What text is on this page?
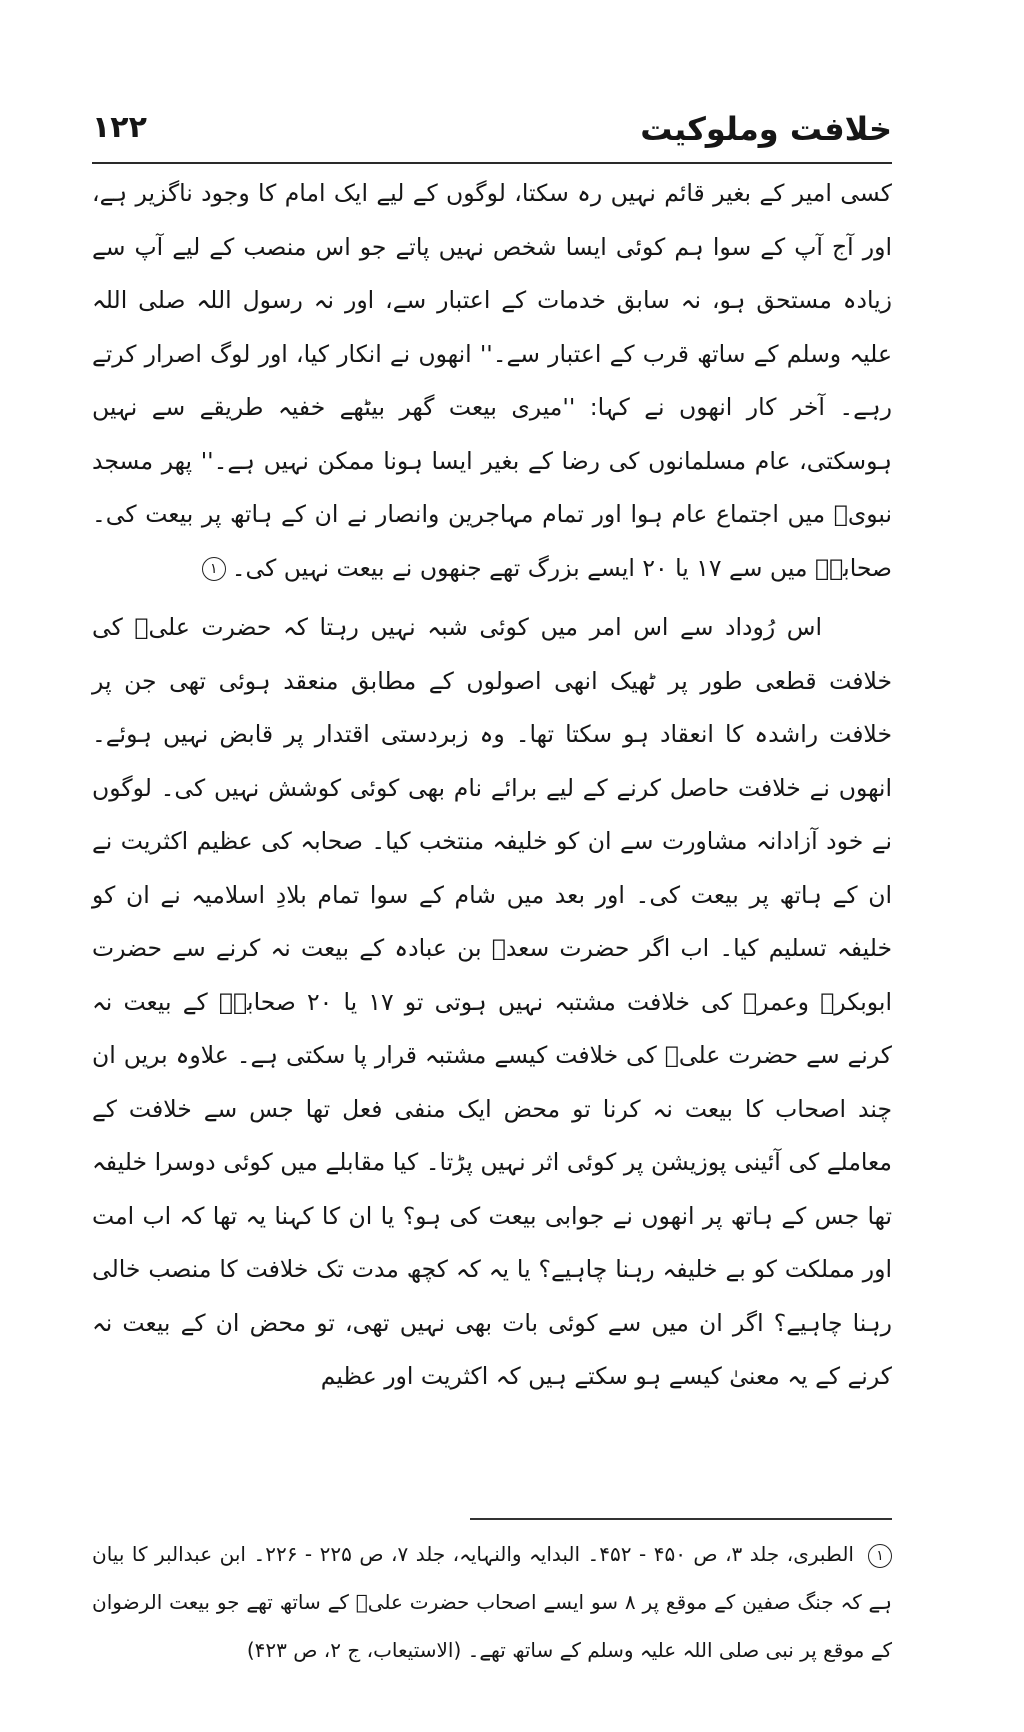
خلافت وملوکیت
۱۲۲

کسی امیر کے بغیر قائم نہیں رہ سکتا، لوگوں کے لیے ایک امام کا وجود ناگزیر ہے، اور آج آپ کے سوا ہم کوئی ایسا شخص نہیں پاتے جو اس منصب کے لیے آپ سے زیادہ مستحق ہو، نہ سابق خدمات کے اعتبار سے، اور نہ رسول اللہ صلی اللہ علیہ وسلم کے ساتھ قرب کے اعتبار سے۔'' انھوں نے انکار کیا، اور لوگ اصرار کرتے رہے۔ آخر کار انھوں نے کہا: ''میری بیعت گھر بیٹھے خفیہ طریقے سے نہیں ہوسکتی، عام مسلمانوں کی رضا کے بغیر ایسا ہونا ممکن نہیں ہے۔'' پھر مسجد نبویؐ میں اجتماع عام ہوا اور تمام مہاجرین وانصار نے ان کے ہاتھ پر بیعت کی۔ صحابہؓ میں سے ۱۷ یا ۲۰ ایسے بزرگ تھے جنھوں نے بیعت نہیں کی۔۱

اس رُوداد سے اس امر میں کوئی شبہ نہیں رہتا کہ حضرت علیؓ کی خلافت قطعی طور پر ٹھیک انھی اصولوں کے مطابق منعقد ہوئی تھی جن پر خلافت راشدہ کا انعقاد ہو سکتا تھا۔ وہ زبردستی اقتدار پر قابض نہیں ہوئے۔ انھوں نے خلافت حاصل کرنے کے لیے برائے نام بھی کوئی کوشش نہیں کی۔ لوگوں نے خود آزادانہ مشاورت سے ان کو خلیفہ منتخب کیا۔ صحابہ کی عظیم اکثریت نے ان کے ہاتھ پر بیعت کی۔ اور بعد میں شام کے سوا تمام بلادِ اسلامیہ نے ان کو خلیفہ تسلیم کیا۔ اب اگر حضرت سعدؓ بن عبادہ کے بیعت نہ کرنے سے حضرت ابوبکرؓ وعمرؓ کی خلافت مشتبہ نہیں ہوتی تو ۱۷ یا ۲۰ صحابہؓ کے بیعت نہ کرنے سے حضرت علیؓ کی خلافت کیسے مشتبہ قرار پا سکتی ہے۔ علاوہ بریں ان چند اصحاب کا بیعت نہ کرنا تو محض ایک منفی فعل تھا جس سے خلافت کے معاملے کی آئینی پوزیشن پر کوئی اثر نہیں پڑتا۔ کیا مقابلے میں کوئی دوسرا خلیفہ تھا جس کے ہاتھ پر انھوں نے جوابی بیعت کی ہو؟ یا ان کا کہنا یہ تھا کہ اب امت اور مملکت کو بے خلیفہ رہنا چاہیے؟ یا یہ کہ کچھ مدت تک خلافت کا منصب خالی رہنا چاہیے؟ اگر ان میں سے کوئی بات بھی نہیں تھی، تو محض ان کے بیعت نہ کرنے کے یہ معنیٰ کیسے ہو سکتے ہیں کہ اکثریت اور عظیم

۱الطبری، جلد ۳، ص ۴۵۰ - ۴۵۲۔ البدایہ والنہایہ، جلد ۷، ص ۲۲۵ - ۲۲۶۔ ابن عبدالبر کا بیان ہے کہ جنگ صفین کے موقع پر ۸ سو ایسے اصحاب حضرت علیؓ کے ساتھ تھے جو بیعت الرضوان کے موقع پر نبی صلی اللہ علیہ وسلم کے ساتھ تھے۔ (الاستیعاب، ج ۲، ص ۴۲۳)
